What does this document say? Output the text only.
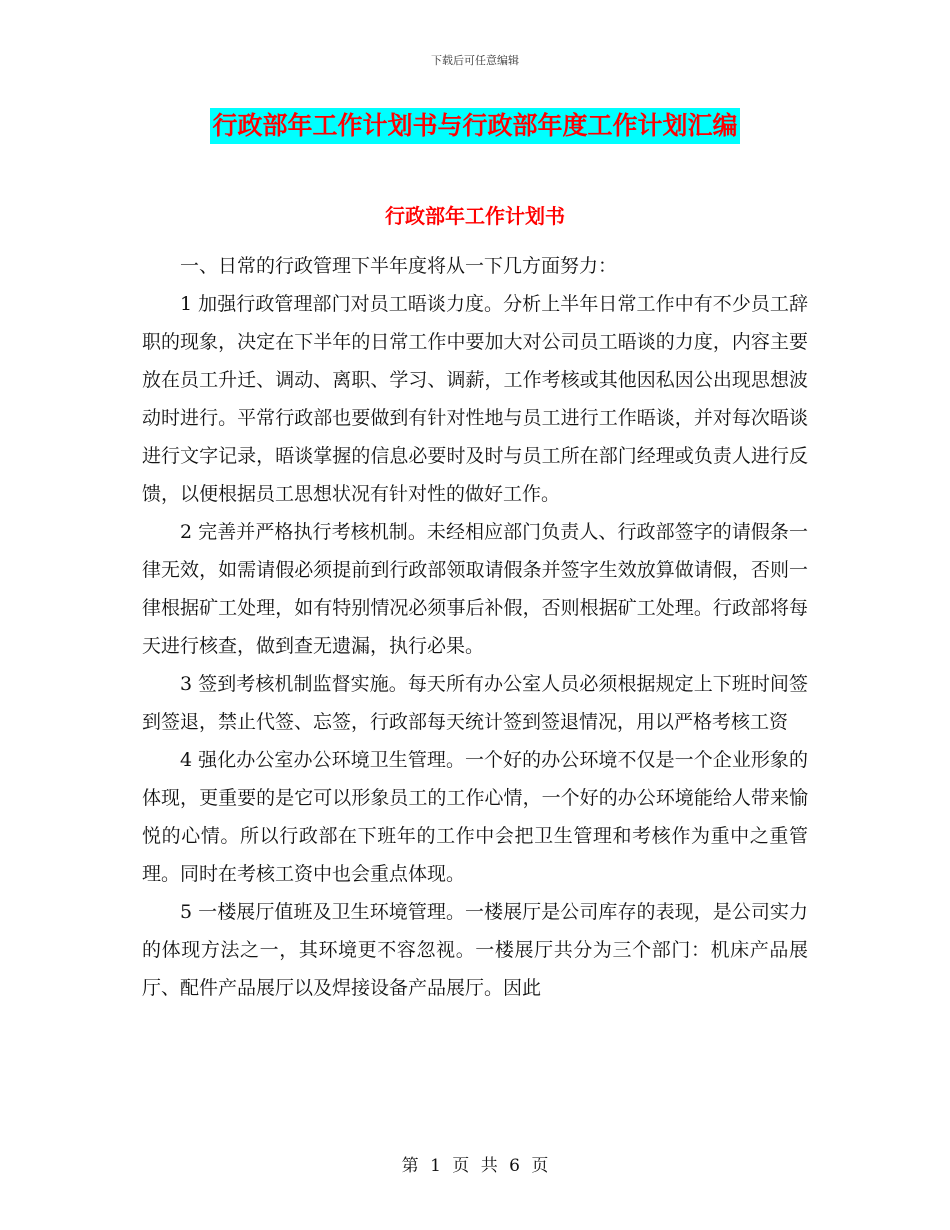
下载后可任意编辑
行政部年工作计划书与行政部年度工作计划汇编
行政部年工作计划书

一、日常的行政管理下半年度将从一下几方面努力：

1 加强行政管理部门对员工晤谈力度。分析上半年日常工作中有不少员工辞职的现象，决定在下半年的日常工作中要加大对公司员工晤谈的力度，内容主要放在员工升迁、调动、离职、学习、调薪，工作考核或其他因私因公出现思想波动时进行。平常行政部也要做到有针对性地与员工进行工作晤谈，并对每次晤谈进行文字记录，晤谈掌握的信息必要时及时与员工所在部门经理或负责人进行反馈，以便根据员工思想状况有针对性的做好工作。

2 完善并严格执行考核机制。未经相应部门负责人、行政部签字的请假条一律无效，如需请假必须提前到行政部领取请假条并签字生效放算做请假，否则一律根据矿工处理，如有特别情况必须事后补假，否则根据矿工处理。行政部将每天进行核查，做到查无遗漏，执行必果。

3 签到考核机制监督实施。每天所有办公室人员必须根据规定上下班时间签到签退，禁止代签、忘签，行政部每天统计签到签退情况，用以严格考核工资

4 强化办公室办公环境卫生管理。一个好的办公环境不仅是一个企业形象的体现，更重要的是它可以形象员工的工作心情，一个好的办公环境能给人带来愉悦的心情。所以行政部在下班年的工作中会把卫生管理和考核作为重中之重管理。同时在考核工资中也会重点体现。

5 一楼展厅值班及卫生环境管理。一楼展厅是公司库存的表现，是公司实力的体现方法之一，其环境更不容忽视。一楼展厅共分为三个部门：机床产品展厅、配件产品展厅以及焊接设备产品展厅。因此

第 1 页 共 6 页
